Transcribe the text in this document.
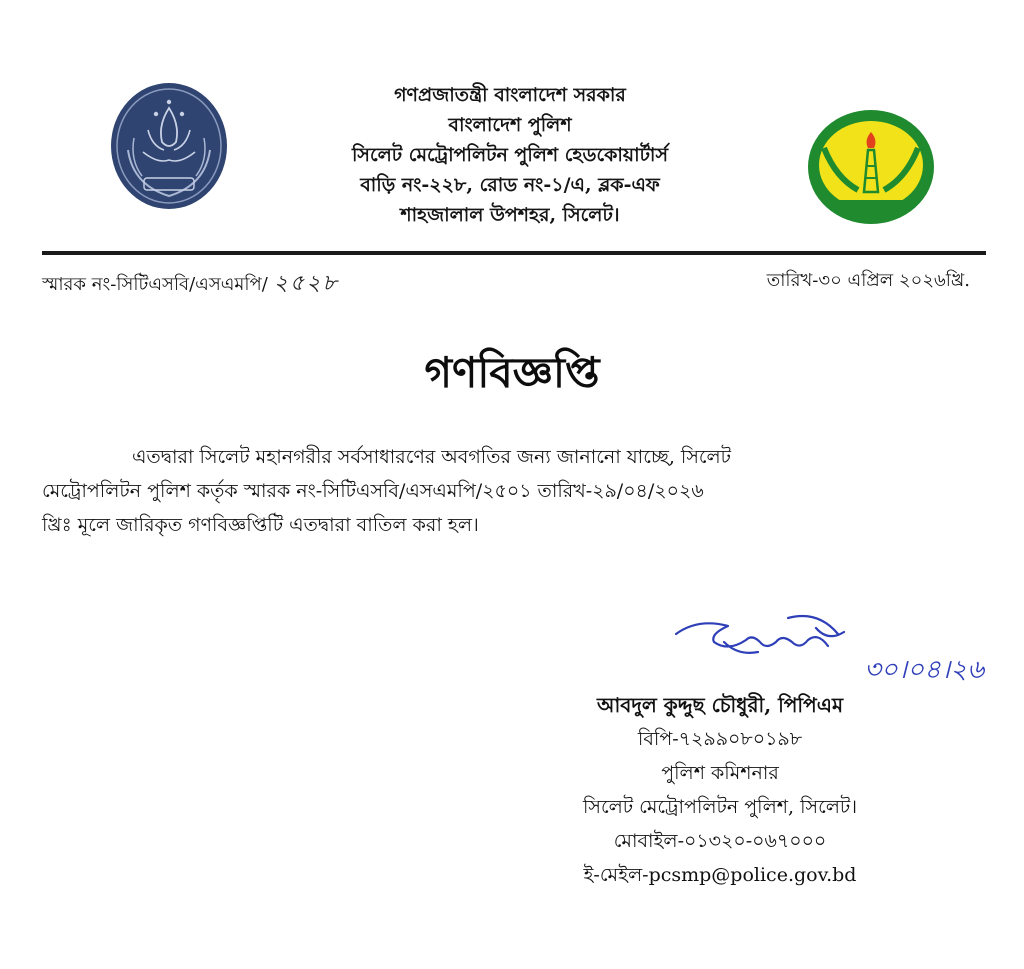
গণপ্রজাতন্ত্রী বাংলাদেশ সরকার
বাংলাদেশ পুলিশ
সিলেট মেট্রোপলিটন পুলিশ হেডকোয়ার্টার্স
বাড়ি নং-২২৮, রোড নং-১/এ, ব্লক-এফ
শাহজালাল উপশহর, সিলেট।
স্মারক নং-সিটিএসবি/এসএমপি/ ২৫২৮	তারিখ-৩০ এপ্রিল ২০২৬খ্রি.
গণবিজ্ঞপ্তি
এতদ্বারা সিলেট মহানগরীর সর্বসাধারণের অবগতির জন্য জানানো যাচ্ছে, সিলেট
মেট্রোপলিটন পুলিশ কর্তৃক স্মারক নং-সিটিএসবি/এসএমপি/২৫০১ তারিখ-২৯/০৪/২০২৬
খ্রিঃ মূলে জারিকৃত গণবিজ্ঞপ্তিটি এতদ্বারা বাতিল করা হল।
৩০।০৪।২৬
আবদুল কুদ্দুছ চৌধুরী, পিপিএম
বিপি-৭২৯৯০৮০১৯৮
পুলিশ কমিশনার
সিলেট মেট্রোপলিটন পুলিশ, সিলেট।
মোবাইল-০১৩২০-০৬৭০০০
ই-মেইল-pcsmp@police.gov.bd
